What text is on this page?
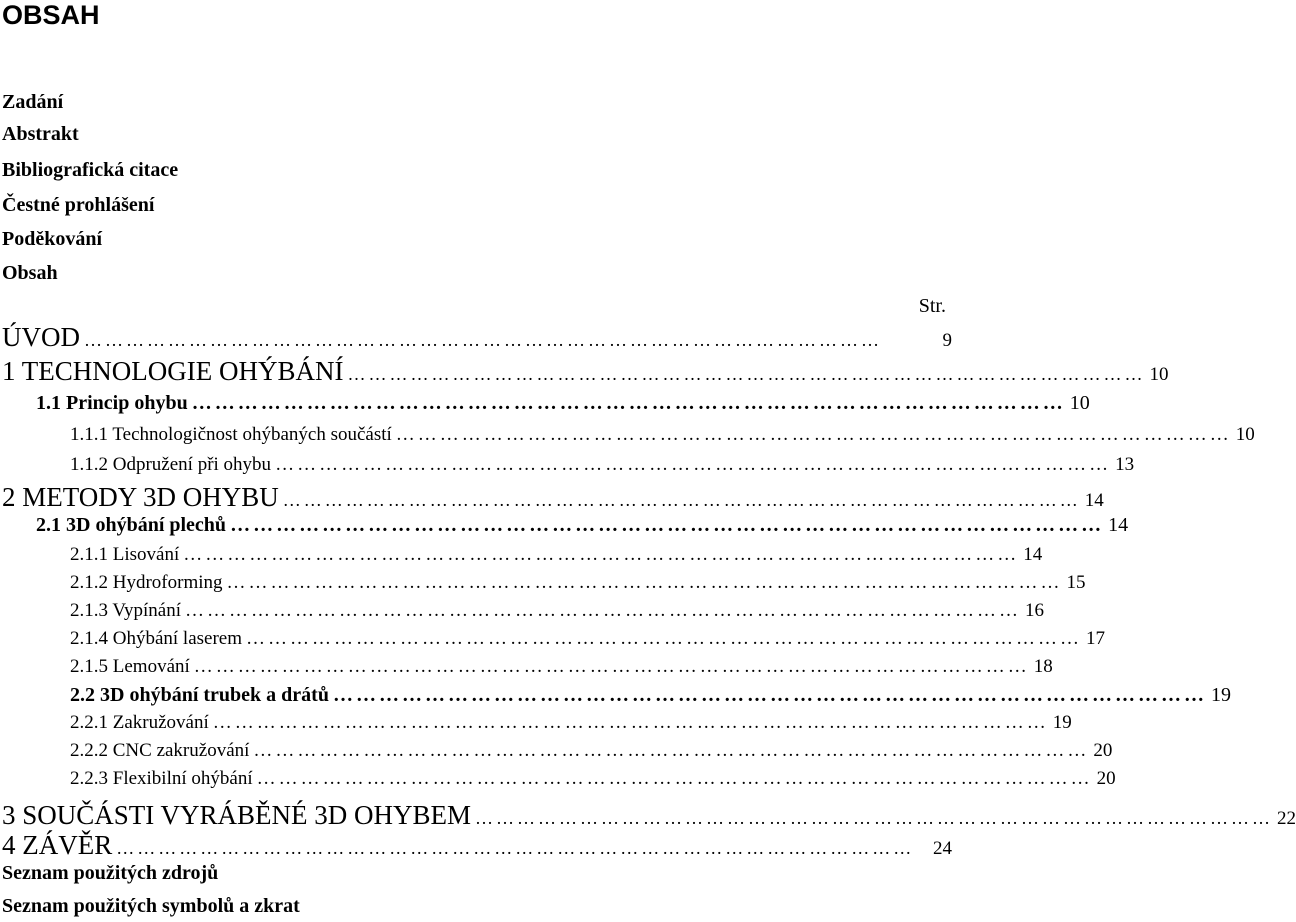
OBSAH
Zadání
Abstrakt
Bibliografická citace
Čestné prohlášení
Poděkování
Obsah
Str.
ÚVOD ……………………………………………………………………………………………………	9
1 TECHNOLOGIE OHÝBÁNÍ …………………………………………………………………………………………………… 10
1.1 Princip ohybu …………………………………………………………………………………………………… 10
1.1.1 Technologičnost ohýbaných součástí …………………………………………………………………………………………………… 10
1.1.2 Odpružení při ohybu …………………………………………………………………………………………………… 13
2 METODY 3D OHYBU …………………………………………………………………………………………………… 14
2.1 3D ohýbání plechů …………………………………………………………………………………………………… 14
2.1.1 Lisování …………………………………………………………………………………………………… 14
2.1.2 Hydroforming …………………………………………………………………………………………………… 15
2.1.3 Vypínání …………………………………………………………………………………………………… 16
2.1.4 Ohýbání laserem …………………………………………………………………………………………………… 17
2.1.5 Lemování …………………………………………………………………………………………………… 18
2.2 3D ohýbání trubek a drátů …………………………………………………………………………………………………… 19
2.2.1 Zakružování …………………………………………………………………………………………………… 19
2.2.2 CNC zakružování …………………………………………………………………………………………………… 20
2.2.3 Flexibilní ohýbání …………………………………………………………………………………………………… 20
3 SOUČÁSTI VYRÁBĚNÉ 3D OHYBEM …………………………………………………………………………………………………… 22
4 ZÁVĚR …………………………………………………………………………………………………… 24
Seznam použitých zdrojů
Seznam použitých symbolů a zkrat
